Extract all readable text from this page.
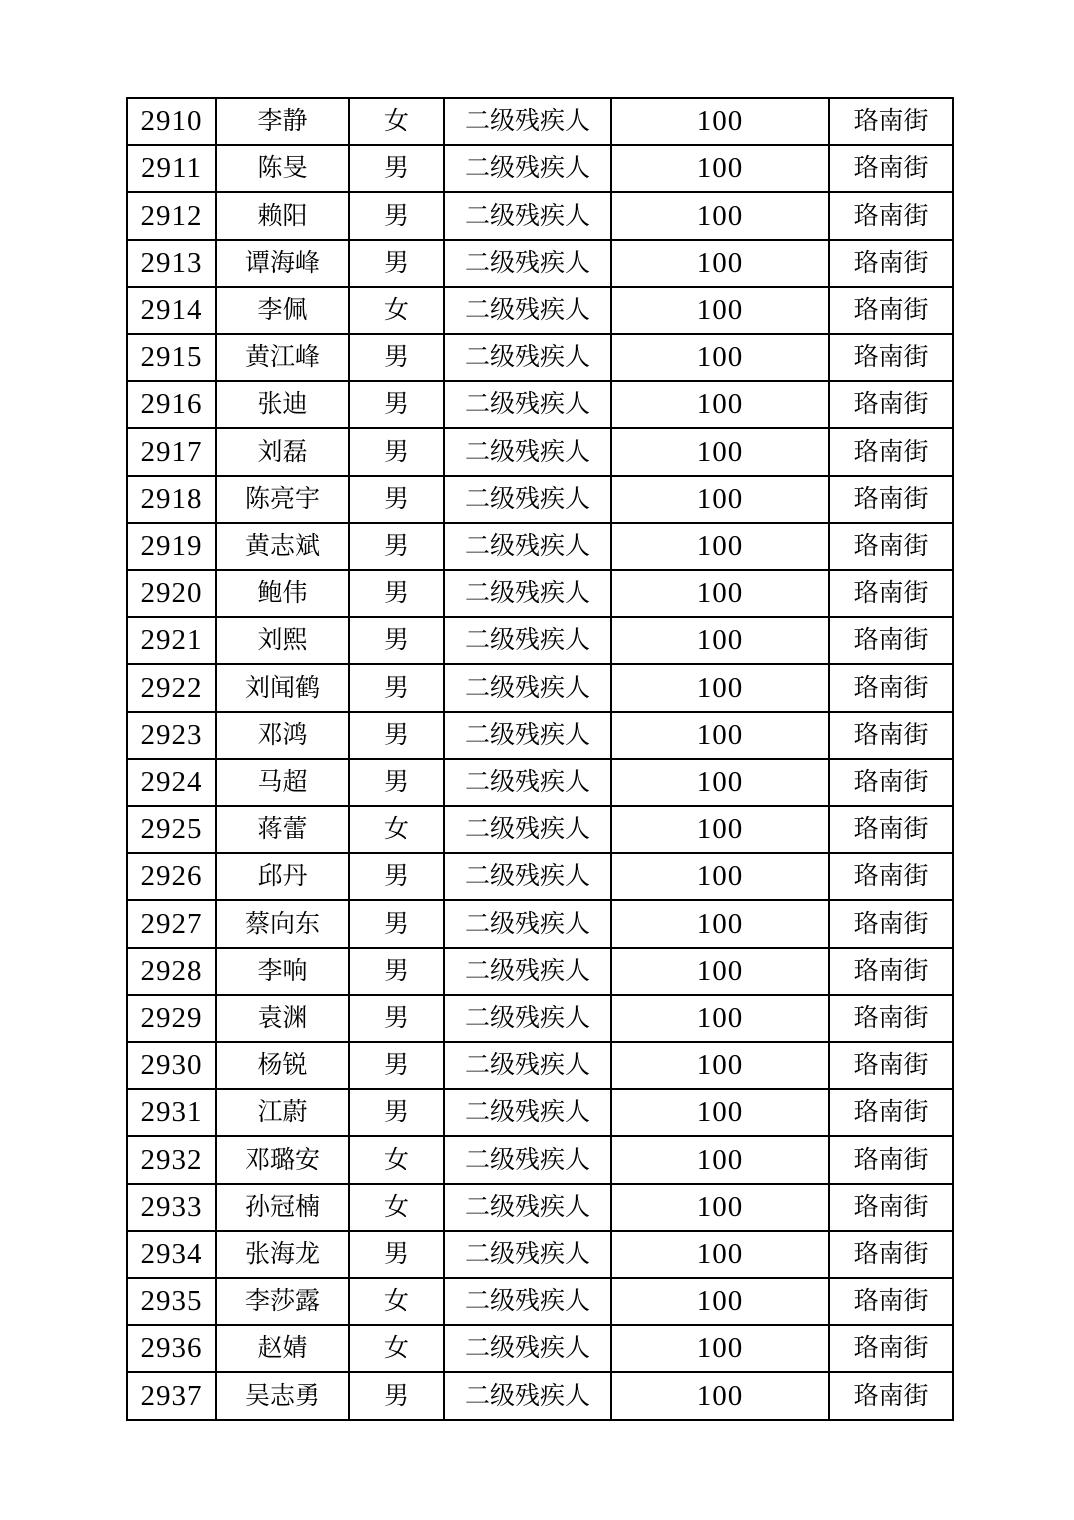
2910	李静	女	二级残疾人	100	珞南街
2911	陈旻	男	二级残疾人	100	珞南街
2912	赖阳	男	二级残疾人	100	珞南街
2913	谭海峰	男	二级残疾人	100	珞南街
2914	李佩	女	二级残疾人	100	珞南街
2915	黄江峰	男	二级残疾人	100	珞南街
2916	张迪	男	二级残疾人	100	珞南街
2917	刘磊	男	二级残疾人	100	珞南街
2918	陈亮宇	男	二级残疾人	100	珞南街
2919	黄志斌	男	二级残疾人	100	珞南街
2920	鲍伟	男	二级残疾人	100	珞南街
2921	刘熙	男	二级残疾人	100	珞南街
2922	刘闻鹤	男	二级残疾人	100	珞南街
2923	邓鸿	男	二级残疾人	100	珞南街
2924	马超	男	二级残疾人	100	珞南街
2925	蒋蕾	女	二级残疾人	100	珞南街
2926	邱丹	男	二级残疾人	100	珞南街
2927	蔡向东	男	二级残疾人	100	珞南街
2928	李响	男	二级残疾人	100	珞南街
2929	袁渊	男	二级残疾人	100	珞南街
2930	杨锐	男	二级残疾人	100	珞南街
2931	江蔚	男	二级残疾人	100	珞南街
2932	邓璐安	女	二级残疾人	100	珞南街
2933	孙冠楠	女	二级残疾人	100	珞南街
2934	张海龙	男	二级残疾人	100	珞南街
2935	李莎露	女	二级残疾人	100	珞南街
2936	赵婧	女	二级残疾人	100	珞南街
2937	吴志勇	男	二级残疾人	100	珞南街
